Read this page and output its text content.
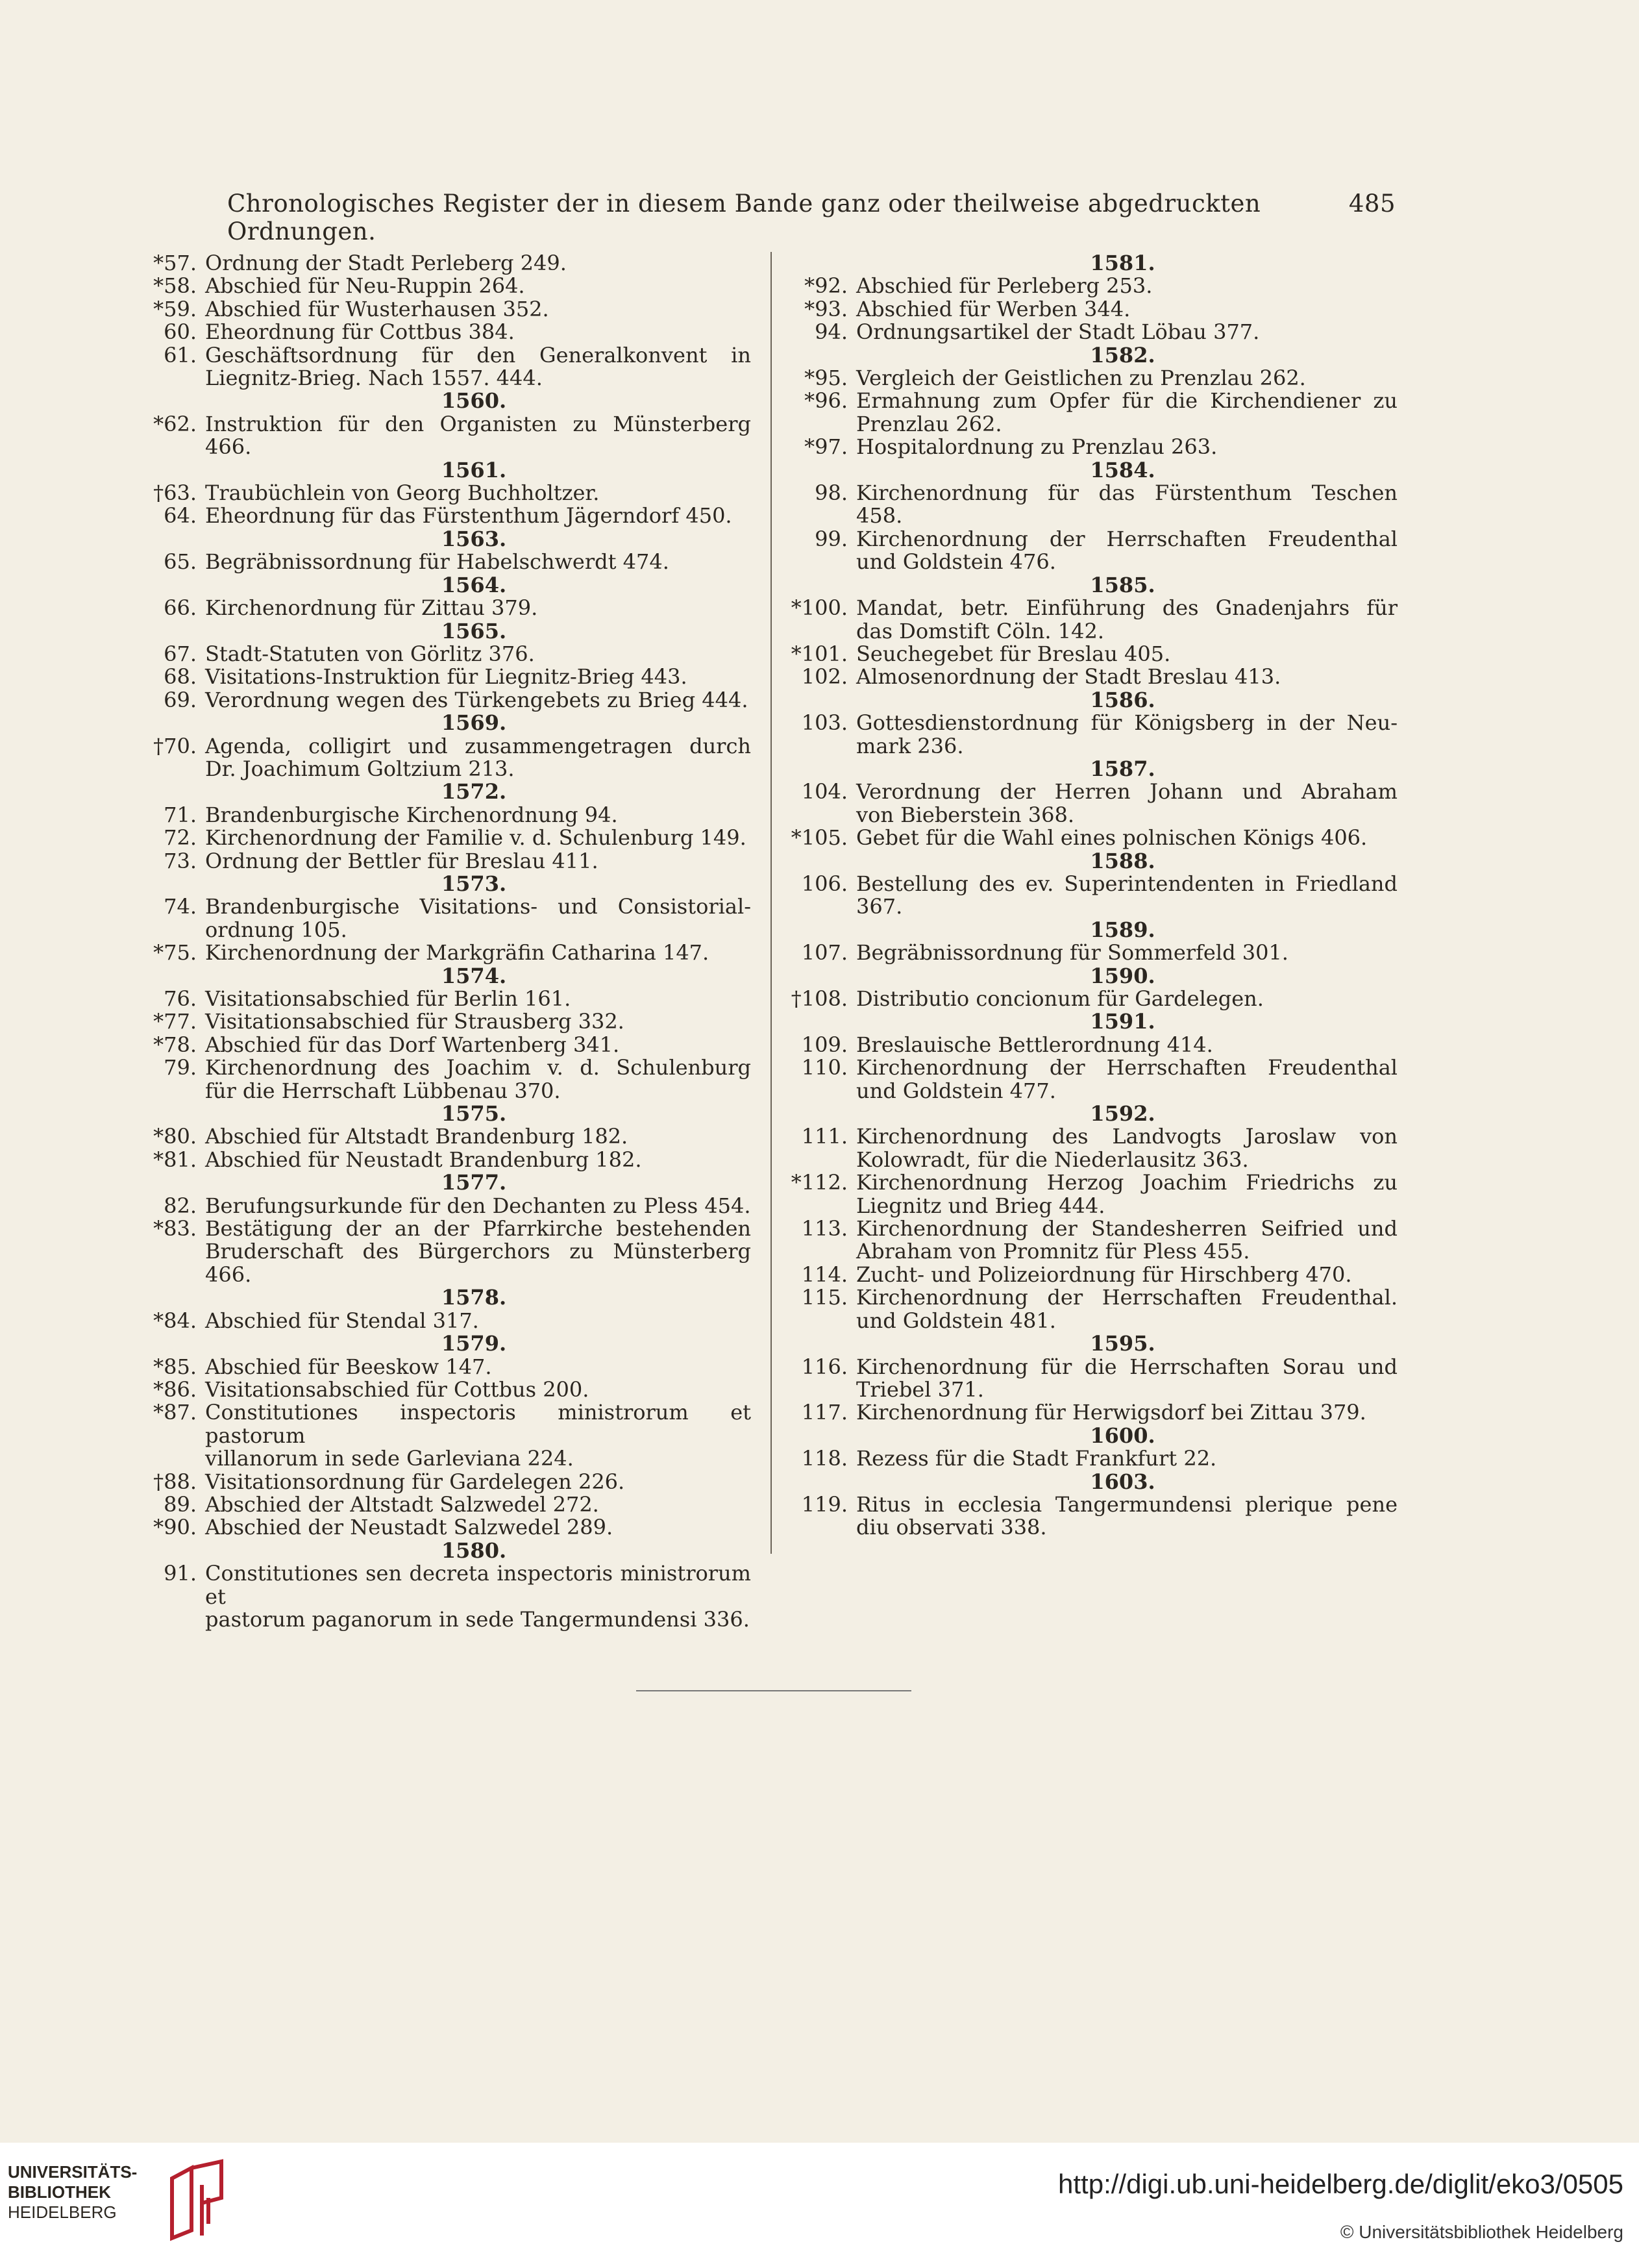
Chronologisches Register der in diesem Bande ganz oder theilweise abgedruckten Ordnungen.
485
*57. Ordnung der Stadt Perleberg 249.
*58. Abschied für Neu-Ruppin 264.
*59. Abschied für Wusterhausen 352.
60. Eheordnung für Cottbus 384.
61. Geschäftsordnung für den Generalkonvent in
Liegnitz-Brieg. Nach 1557. 444.
1560.
*62. Instruktion für den Organisten zu Münsterberg 466.
1561.
†63. Traubüchlein von Georg Buchholtzer.
64. Eheordnung für das Fürstenthum Jägerndorf 450.
1563.
65. Begräbnissordnung für Habelschwerdt 474.
1564.
66. Kirchenordnung für Zittau 379.
1565.
67. Stadt-Statuten von Görlitz 376.
68. Visitations-Instruktion für Liegnitz-Brieg 443.
69. Verordnung wegen des Türkengebets zu Brieg 444.
1569.
†70. Agenda, colligirt und zusammengetragen durch
Dr. Joachimum Goltzium 213.
1572.
71. Brandenburgische Kirchenordnung 94.
72. Kirchenordnung der Familie v. d. Schulenburg 149.
73. Ordnung der Bettler für Breslau 411.
1573.
74. Brandenburgische Visitations- und Consistorial-
ordnung 105.
*75. Kirchenordnung der Markgräfin Catharina 147.
1574.
76. Visitationsabschied für Berlin 161.
*77. Visitationsabschied für Strausberg 332.
*78. Abschied für das Dorf Wartenberg 341.
79. Kirchenordnung des Joachim v. d. Schulenburg
für die Herrschaft Lübbenau 370.
1575.
*80. Abschied für Altstadt Brandenburg 182.
*81. Abschied für Neustadt Brandenburg 182.
1577.
82. Berufungsurkunde für den Dechanten zu Pless 454.
*83. Bestätigung der an der Pfarrkirche bestehenden
Bruderschaft des Bürgerchors zu Münsterberg 466.
1578.
*84. Abschied für Stendal 317.
1579.
*85. Abschied für Beeskow 147.
*86. Visitationsabschied für Cottbus 200.
*87. Constitutiones inspectoris ministrorum et pastorum
villanorum in sede Garleviana 224.
†88. Visitationsordnung für Gardelegen 226.
89. Abschied der Altstadt Salzwedel 272.
*90. Abschied der Neustadt Salzwedel 289.
1580.
91. Constitutiones sen decreta inspectoris ministrorum et
pastorum paganorum in sede Tangermundensi 336.
1581.
*92. Abschied für Perleberg 253.
*93. Abschied für Werben 344.
94. Ordnungsartikel der Stadt Löbau 377.
1582.
*95. Vergleich der Geistlichen zu Prenzlau 262.
*96. Ermahnung zum Opfer für die Kirchendiener zu
Prenzlau 262.
*97. Hospitalordnung zu Prenzlau 263.
1584.
98. Kirchenordnung für das Fürstenthum Teschen 458.
99. Kirchenordnung der Herrschaften Freudenthal
und Goldstein 476.
1585.
*100. Mandat, betr. Einführung des Gnadenjahrs für
das Domstift Cöln. 142.
*101. Seuchegebet für Breslau 405.
102. Almosenordnung der Stadt Breslau 413.
1586.
103. Gottesdienstordnung für Königsberg in der Neu-
mark 236.
1587.
104. Verordnung der Herren Johann und Abraham
von Bieberstein 368.
*105. Gebet für die Wahl eines polnischen Königs 406.
1588.
106. Bestellung des ev. Superintendenten in Friedland
367.
1589.
107. Begräbnissordnung für Sommerfeld 301.
1590.
†108. Distributio concionum für Gardelegen.
1591.
109. Breslauische Bettlerordnung 414.
110. Kirchenordnung der Herrschaften Freudenthal
und Goldstein 477.
1592.
111. Kirchenordnung des Landvogts Jaroslaw von
Kolowradt, für die Niederlausitz 363.
*112. Kirchenordnung Herzog Joachim Friedrichs zu
Liegnitz und Brieg 444.
113. Kirchenordnung der Standesherren Seifried und
Abraham von Promnitz für Pless 455.
114. Zucht- und Polizeiordnung für Hirschberg 470.
115. Kirchenordnung der Herrschaften Freudenthal.
und Goldstein 481.
1595.
116. Kirchenordnung für die Herrschaften Sorau und
Triebel 371.
117. Kirchenordnung für Herwigsdorf bei Zittau 379.
1600.
118. Rezess für die Stadt Frankfurt 22.
1603.
119. Ritus in ecclesia Tangermundensi plerique pene
diu observati 338.
UNIVERSITÄTS-
BIBLIOTHEK
HEIDELBERG
http://digi.ub.uni-heidelberg.de/diglit/eko3/0505
© Universitätsbibliothek Heidelberg
